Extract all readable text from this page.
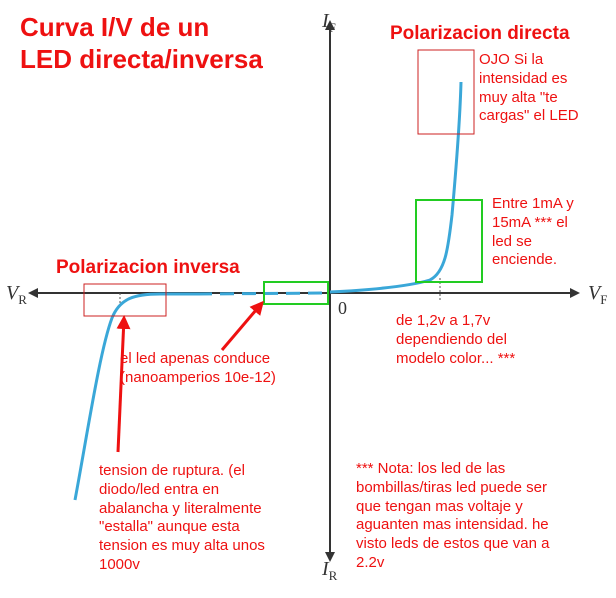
$I_F$
$I_R$
$V_R$	$V_F$
0

Curva I/V de un
LED directa/inversa

Polarizacion directa

Polarizacion inversa

OJO Si la
intensidad es
muy alta "te
cargas" el LED

Entre 1mA y
15mA *** el
led se
enciende.

de 1,2v a 1,7v
dependiendo del
modelo color... ***

el led apenas conduce
(nanoamperios 10e-12)

tension de ruptura. (el
diodo/led entra en
abalancha y literalmente
"estalla" aunque esta
tension es muy alta unos
1000v

*** Nota: los led de las
bombillas/tiras led puede ser
que tengan mas voltaje y
aguanten mas intensidad. he
visto leds de estos que van a
2.2v
